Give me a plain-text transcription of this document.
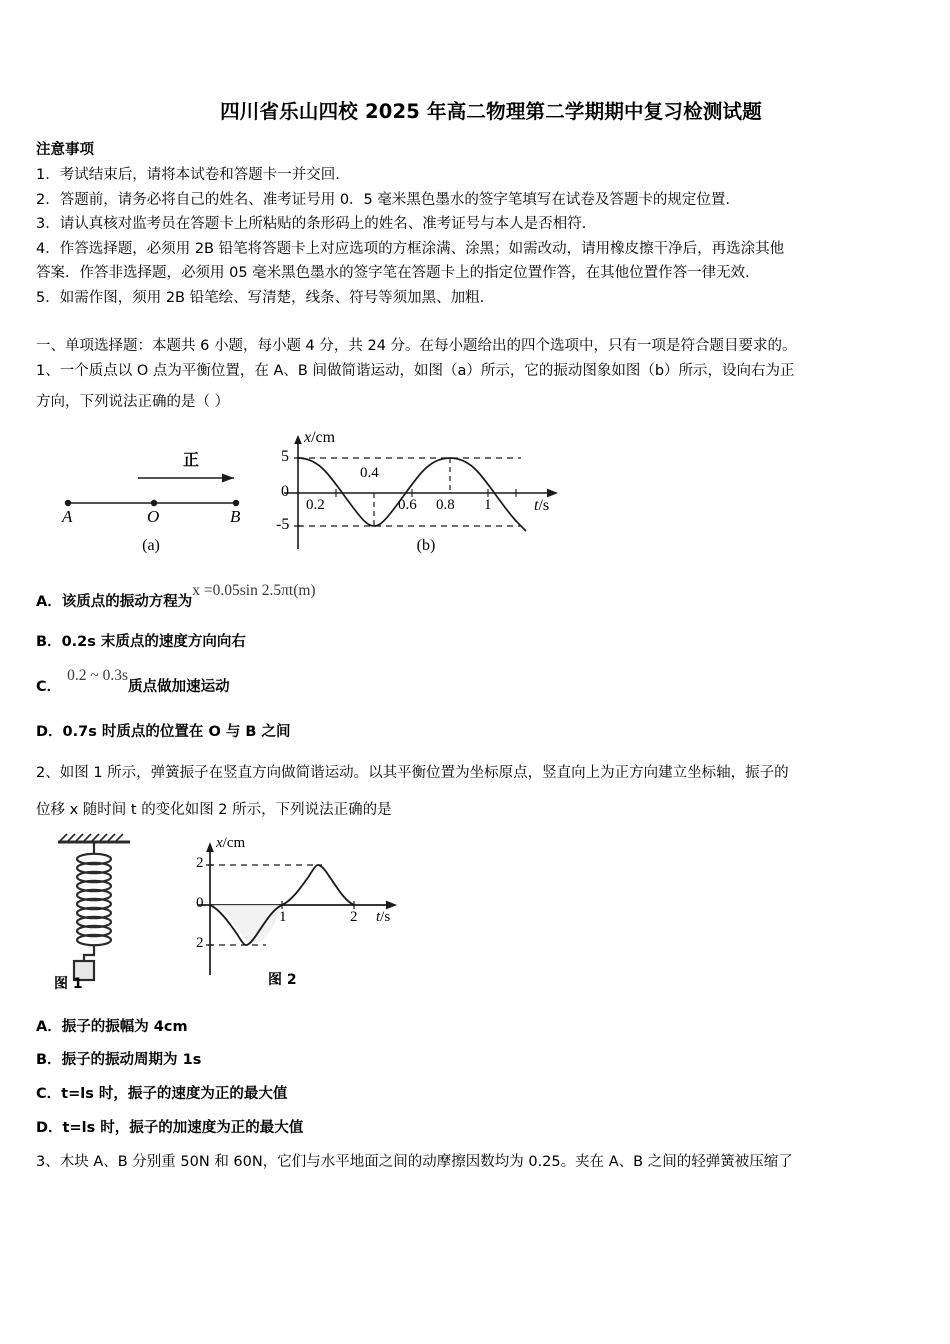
四川省乐山四校 2025 年高二物理第二学期期中复习检测试题
注意事项
1．考试结束后，请将本试卷和答题卡一并交回.
2．答题前，请务必将自己的姓名、准考证号用 0．5 毫米黑色墨水的签字笔填写在试卷及答题卡的规定位置.
3．请认真核对监考员在答题卡上所粘贴的条形码上的姓名、准考证号与本人是否相符.
4．作答选择题，必须用 2B 铅笔将答题卡上对应选项的方框涂满、涂黑；如需改动，请用橡皮擦干净后，再选涂其他
答案．作答非选择题，必须用 05 毫米黑色墨水的签字笔在答题卡上的指定位置作答，在其他位置作答一律无效.
5．如需作图，须用 2B 铅笔绘、写清楚，线条、符号等须加黑、加粗.
一、单项选择题：本题共 6 小题，每小题 4 分，共 24 分。在每小题给出的四个选项中，只有一项是符合题目要求的。
1、一个质点以 O 点为平衡位置，在 A、B 间做简谐运动，如图（a）所示，它的振动图象如图（b）所示，设向右为正
方向，下列说法正确的是（ ）
正
A	O	B
(a)
x/cm
t/s
5
0
-5
0.2
0.4
0.6 0.8 1
(b)
A．该质点的振动方程为x =0.05sin 2.5πt(m)
B．0.2s 末质点的速度方向向右
C．0.2 ~ 0.3s质点做加速运动
D．0.7s 时质点的位置在 O 与 B 之间
2、如图 1 所示，弹簧振子在竖直方向做简谐运动。以其平衡位置为坐标原点，竖直向上为正方向建立坐标轴，振子的
位移 x 随时间 t 的变化如图 2 所示，下列说法正确的是
图 1
x/cm
t/s
2
0
2
1	2
图 2
A．振子的振幅为 4cm
B．振子的振动周期为 1s
C．t=ls 时，振子的速度为正的最大值
D．t=ls 时，振子的加速度为正的最大值
3、木块 A、B 分别重 50N 和 60N，它们与水平地面之间的动摩擦因数均为 0.25。夹在 A、B 之间的轻弹簧被压缩了
